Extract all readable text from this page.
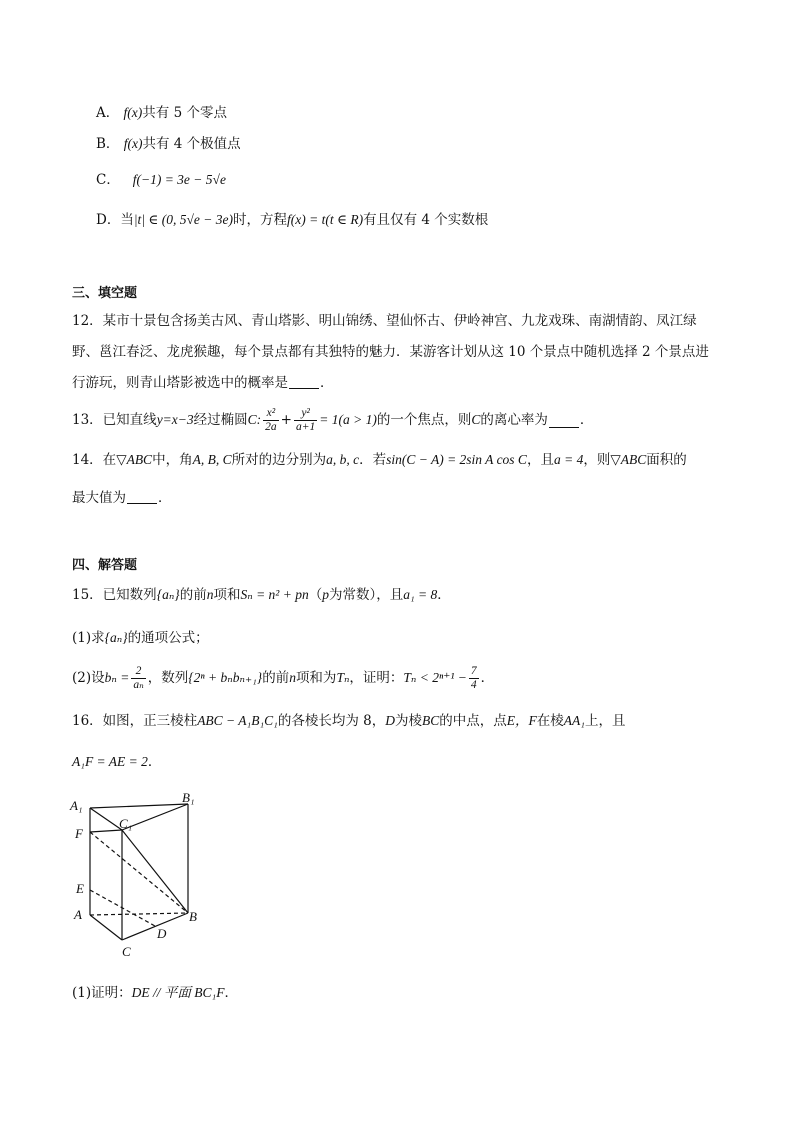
A． f(x)共有 5 个零点
B． f(x)共有 4 个极值点
C． f(−1) = 3e − 5√e
D．当|t| ∈ (0, 5√e − 3e)时，方程f(x) = t(t ∈ R)有且仅有 4 个实数根
三、填空题
12．某市十景包含扬美古风、青山塔影、明山锦绣、望仙怀古、伊岭神宫、九龙戏珠、南湖情韵、凤江绿
野、邕江春泛、龙虎猴趣，每个景点都有其独特的魅力．某游客计划从这 10 个景点中随机选择 2 个景点进
行游玩，则青山塔影被选中的概率是 ．
13．已知直线 y=x−3 经过椭圆 C: $\frac{\text{x²}}{2a} + \frac{\text{y²}}{a+1} = 1(a > 1)$ 的一个焦点，则 C 的离心率为 ．
14．在▽ABC中，角A, B, C所对的边分别为a, b, c．若sin(C − A) = 2sin A cos C，且a = 4，则▽ABC面积的
最大值为 ．
四、解答题
15．已知数列{aₙ}的前n项和Sₙ = n² + pn（p为常数），且a₁ = 8．
(1)求{aₙ}的通项公式；
(2)设 $b_n = \frac{2}{\text{aₙ}}$ ，数列 {2ⁿ + bₙbₙ₊₁} 的前 n 项和为 Tₙ ，证明： $T_n < 2^{n+1} - \frac{7}{4}$ ．
16．如图，正三棱柱ABC − A₁B₁C₁的各棱长均为 8，D为棱BC的中点，点E，F在棱AA₁上，且
A₁F = AE = 2．
A₁
B₁
C₁
F
E
A	B
C
D
(1)证明：DE // 平面 BC₁F．
